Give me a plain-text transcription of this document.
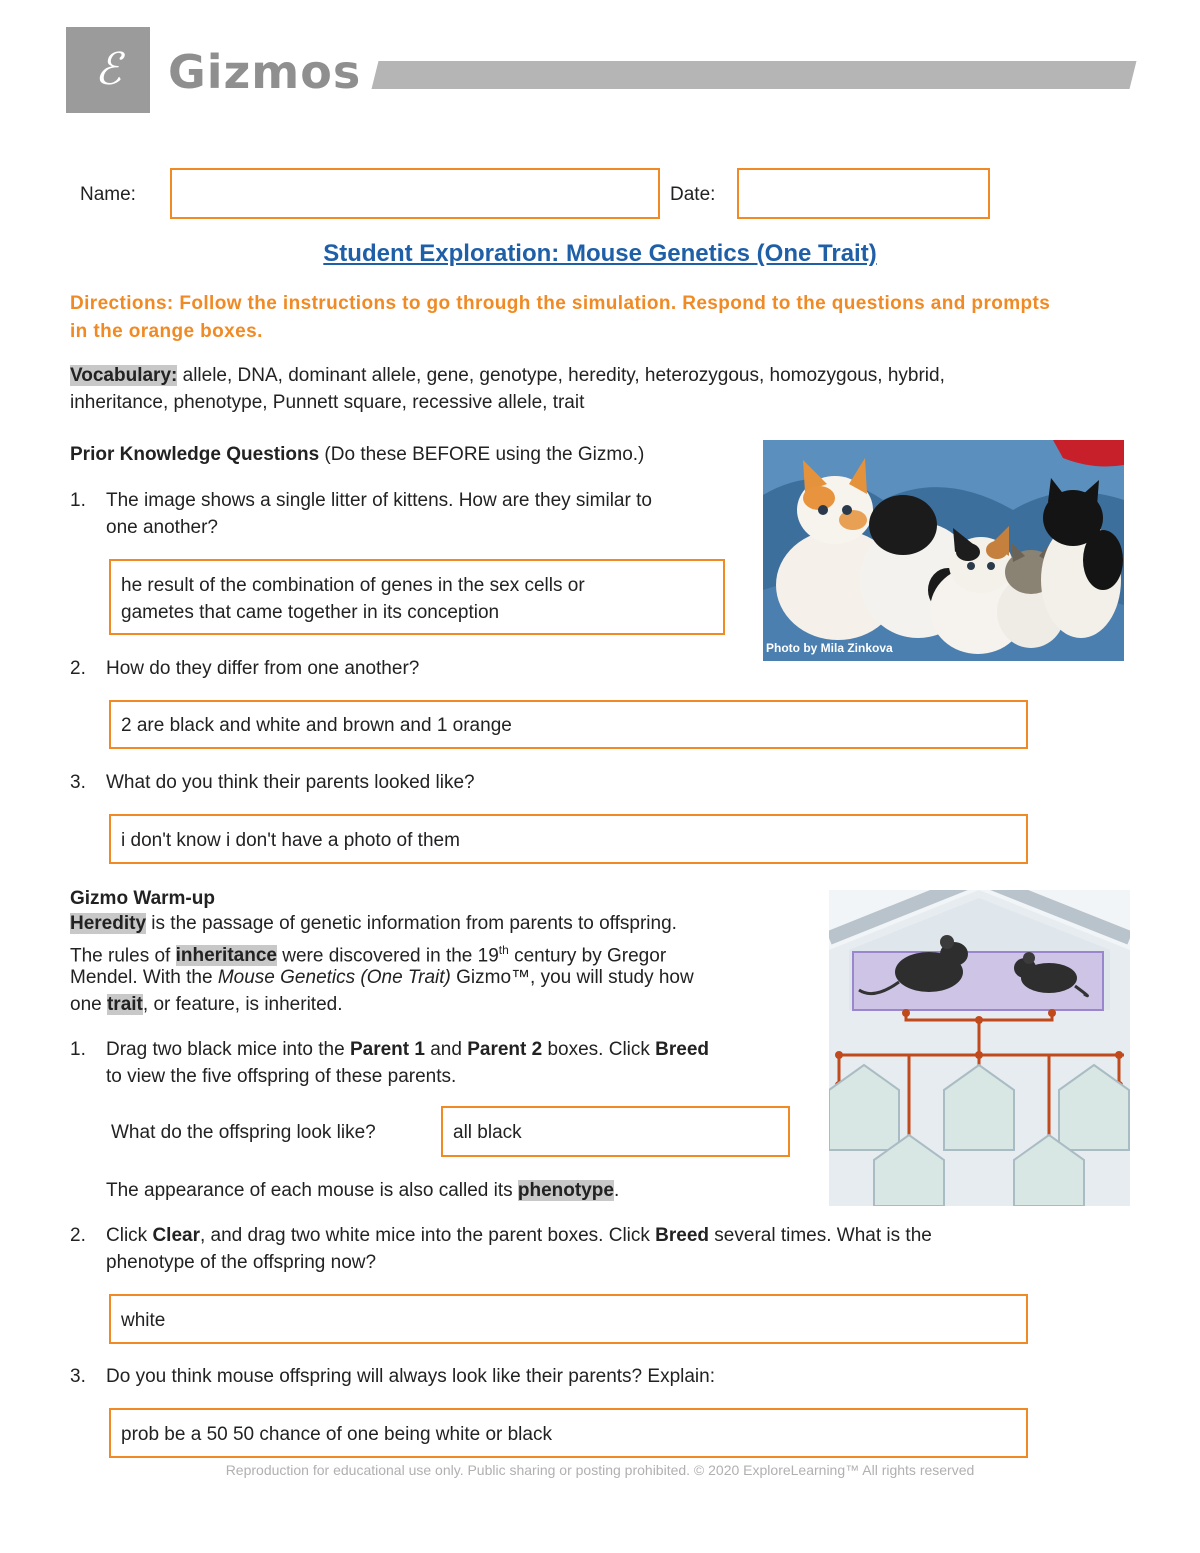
ℰ	Gizmos
Name:	Date:
Student Exploration: Mouse Genetics (One Trait)
Directions: Follow the instructions to go through the simulation. Respond to the questions and prompts in the orange boxes.
Vocabulary: allele, DNA, dominant allele, gene, genotype, heredity, heterozygous, homozygous, hybrid,
inheritance, phenotype, Punnett square, recessive allele, trait
Prior Knowledge Questions (Do these BEFORE using the Gizmo.)
Photo by Mila Zinkova
1. The image shows a single litter of kittens. How are they similar to
one another?
he result of the combination of genes in the sex cells or
gametes that came together in its conception
2. How do they differ from one another?
2 are black and white and brown and 1 orange
3. What do you think their parents looked like?
i don't know i don't have a photo of them
Gizmo Warm-up
Heredity is the passage of genetic information from parents to offspring.
The rules of inheritance were discovered in the 19th century by Gregor
Mendel. With the Mouse Genetics (One Trait) Gizmo™, you will study how
one trait, or feature, is inherited.
1. Drag two black mice into the Parent 1 and Parent 2 boxes. Click Breed
to view the five offspring of these parents.
What do the offspring look like?	all black
The appearance of each mouse is also called its phenotype.
2. Click Clear, and drag two white mice into the parent boxes. Click Breed several times. What is the
phenotype of the offspring now?
white
3. Do you think mouse offspring will always look like their parents? Explain:
prob be a 50 50 chance of one being white or black
Reproduction for educational use only. Public sharing or posting prohibited. © 2020 ExploreLearning™ All rights reserved
